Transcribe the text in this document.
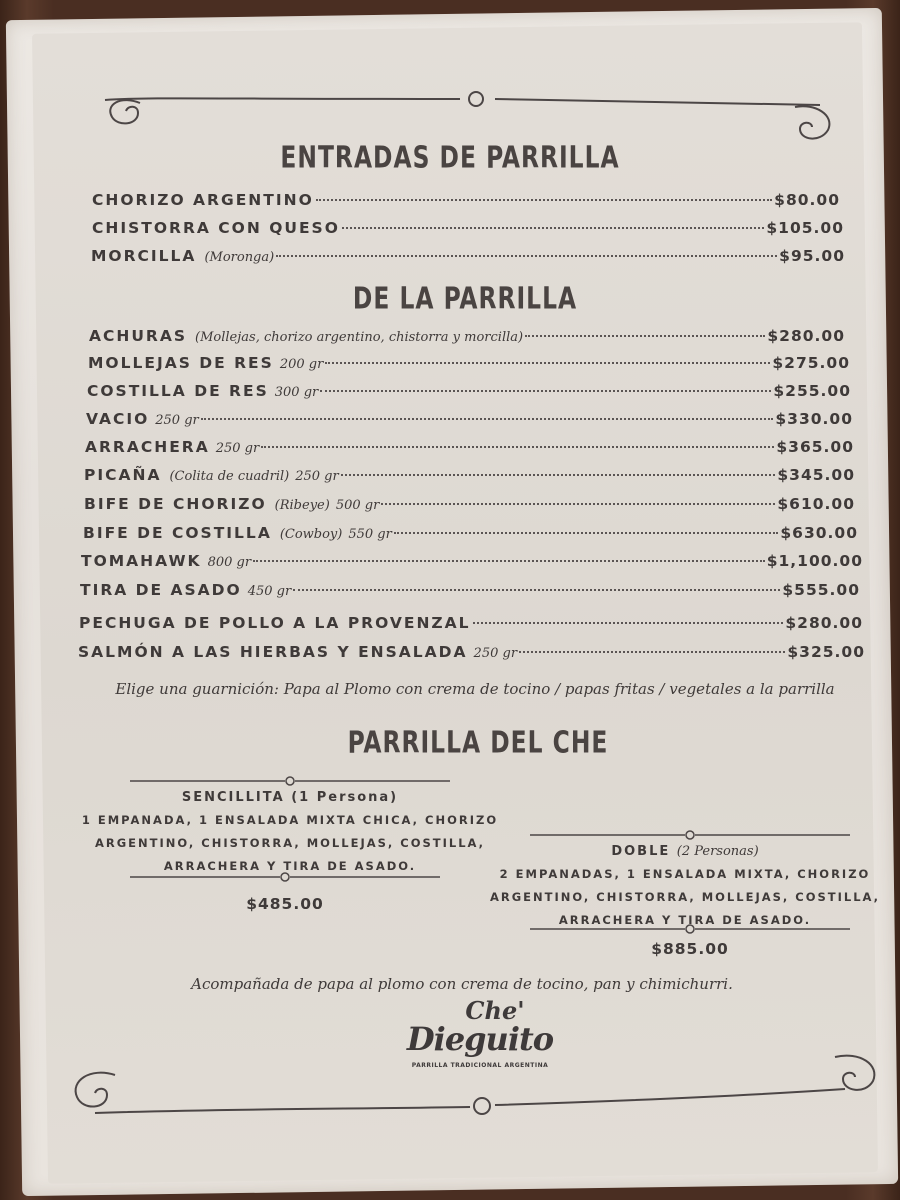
ENTRADAS DE PARRILLA
CHORIZO ARGENTINO	$80.00
CHISTORRA CON QUESO	$105.00
MORCILLA (Moronga)	$95.00
DE LA PARRILLA
ACHURAS (Mollejas, chorizo argentino, chistorra y morcilla)	$280.00
MOLLEJAS DE RES 200 gr	$275.00
COSTILLA DE RES 300 gr	$255.00
VACIO 250 gr	$330.00
ARRACHERA 250 gr	$365.00
PICAÑA (Colita de cuadril) 250 gr	$345.00
BIFE DE CHORIZO (Ribeye) 500 gr	$610.00
BIFE DE COSTILLA (Cowboy) 550 gr	$630.00
TOMAHAWK 800 gr	$1,100.00
TIRA DE ASADO 450 gr	$555.00
PECHUGA DE POLLO A LA PROVENZAL	$280.00
SALMÓN A LAS HIERBAS Y ENSALADA 250 gr	$325.00
Elige una guarnición: Papa al Plomo con crema de tocino / papas fritas / vegetales a la parrilla
PARRILLA DEL CHE
SENCILLITA (1 Persona)
1 EMPANADA, 1 ENSALADA MIXTA CHICA, CHORIZO
ARGENTINO, CHISTORRA, MOLLEJAS, COSTILLA,
ARRACHERA Y TIRA DE ASADO.
$485.00
DOBLE (2 Personas)
2 EMPANADAS, 1 ENSALADA MIXTA, CHORIZO
ARGENTINO, CHISTORRA, MOLLEJAS, COSTILLA,
ARRACHERA Y TIRA DE ASADO.
$885.00
Acompañada de papa al plomo con crema de tocino, pan y chimichurri.
Che'
Dieguito
PARRILLA TRADICIONAL ARGENTINA
